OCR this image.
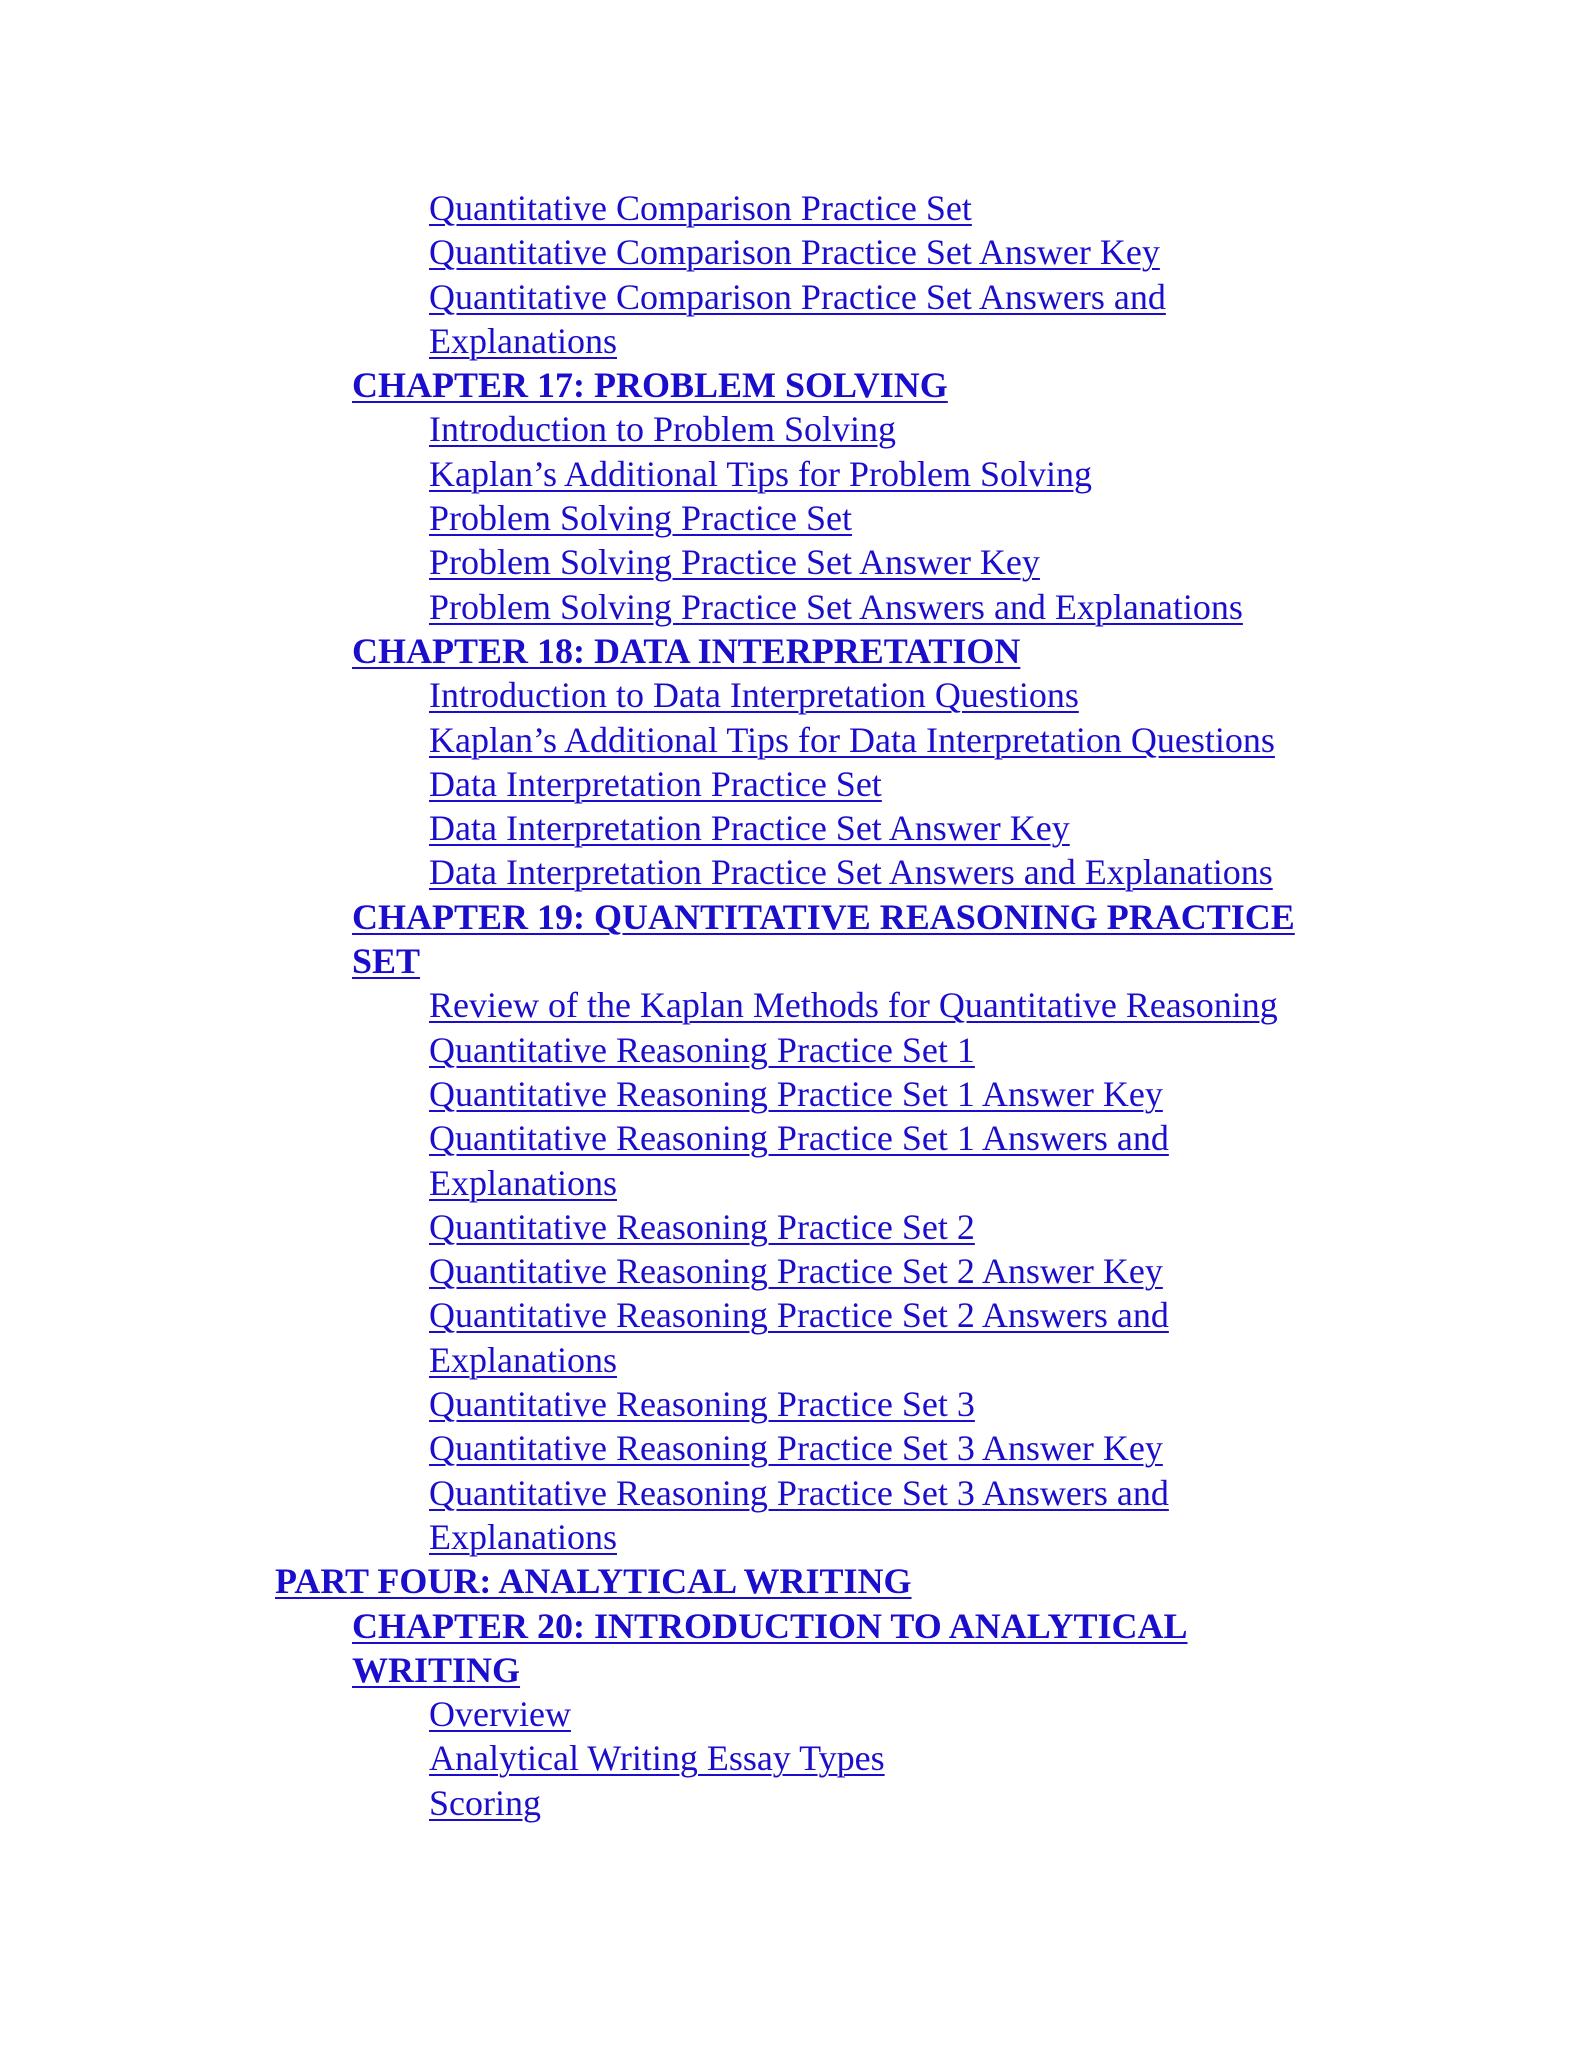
Quantitative Comparison Practice Set
Quantitative Comparison Practice Set Answer Key
Quantitative Comparison Practice Set Answers and
Explanations
CHAPTER 17: PROBLEM SOLVING
Introduction to Problem Solving
Kaplan’s Additional Tips for Problem Solving
Problem Solving Practice Set
Problem Solving Practice Set Answer Key
Problem Solving Practice Set Answers and Explanations
CHAPTER 18: DATA INTERPRETATION
Introduction to Data Interpretation Questions
Kaplan’s Additional Tips for Data Interpretation Questions
Data Interpretation Practice Set
Data Interpretation Practice Set Answer Key
Data Interpretation Practice Set Answers and Explanations
CHAPTER 19: QUANTITATIVE REASONING PRACTICE
SET
Review of the Kaplan Methods for Quantitative Reasoning
Quantitative Reasoning Practice Set 1
Quantitative Reasoning Practice Set 1 Answer Key
Quantitative Reasoning Practice Set 1 Answers and
Explanations
Quantitative Reasoning Practice Set 2
Quantitative Reasoning Practice Set 2 Answer Key
Quantitative Reasoning Practice Set 2 Answers and
Explanations
Quantitative Reasoning Practice Set 3
Quantitative Reasoning Practice Set 3 Answer Key
Quantitative Reasoning Practice Set 3 Answers and
Explanations
PART FOUR: ANALYTICAL WRITING
CHAPTER 20: INTRODUCTION TO ANALYTICAL
WRITING
Overview
Analytical Writing Essay Types
Scoring
